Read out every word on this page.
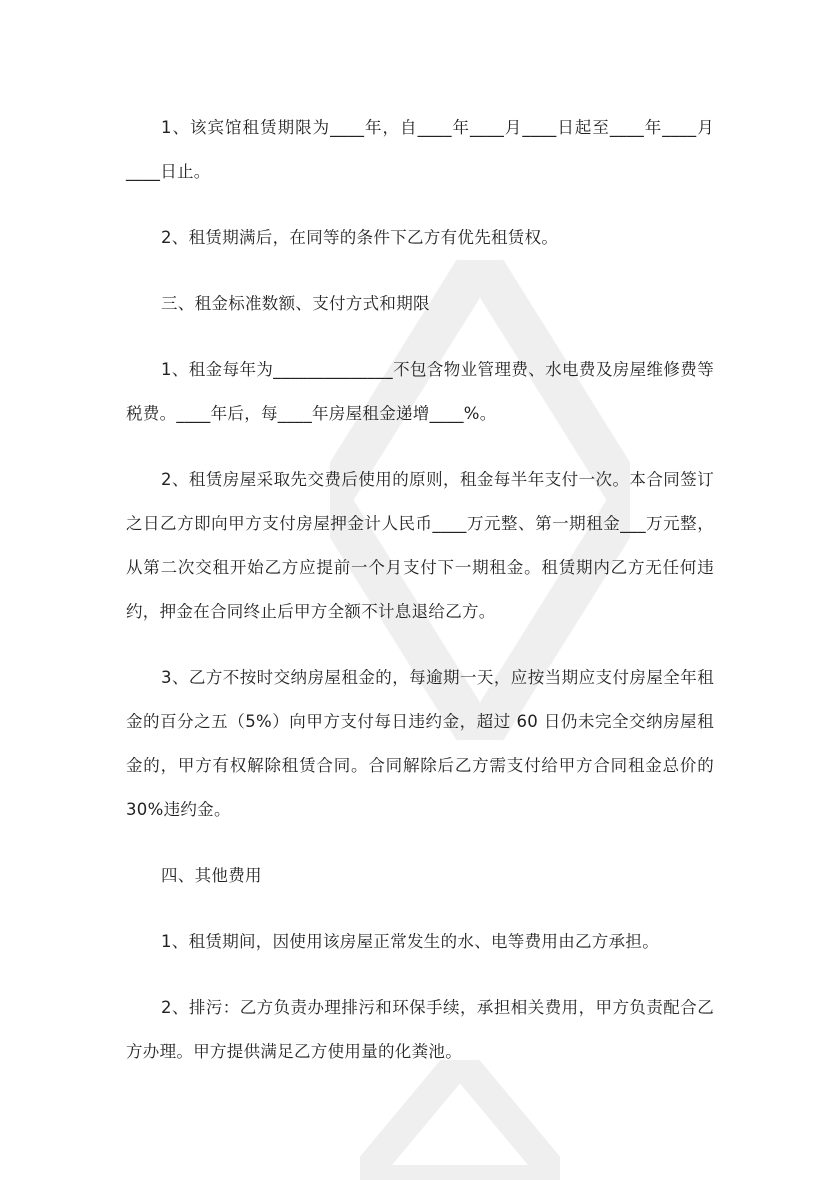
1、该宾馆租赁期限为____年，自____年____月____日起至____年____月____日止。

2、租赁期满后，在同等的条件下乙方有优先租赁权。

三、租金标准数额、支付方式和期限

1、租金每年为______________不包含物业管理费、水电费及房屋维修费等税费。____年后，每____年房屋租金递增____%。

2、租赁房屋采取先交费后使用的原则，租金每半年支付一次。本合同签订之日乙方即向甲方支付房屋押金计人民币____万元整、第一期租金___万元整，从第二次交租开始乙方应提前一个月支付下一期租金。租赁期内乙方无任何违约，押金在合同终止后甲方全额不计息退给乙方。

3、乙方不按时交纳房屋租金的，每逾期一天，应按当期应支付房屋全年租金的百分之五（5%）向甲方支付每日违约金，超过 60 日仍未完全交纳房屋租金的，甲方有权解除租赁合同。合同解除后乙方需支付给甲方合同租金总价的 30%违约金。

四、其他费用

1、租赁期间，因使用该房屋正常发生的水、电等费用由乙方承担。

2、排污：乙方负责办理排污和环保手续，承担相关费用，甲方负责配合乙方办理。甲方提供满足乙方使用量的化粪池。
